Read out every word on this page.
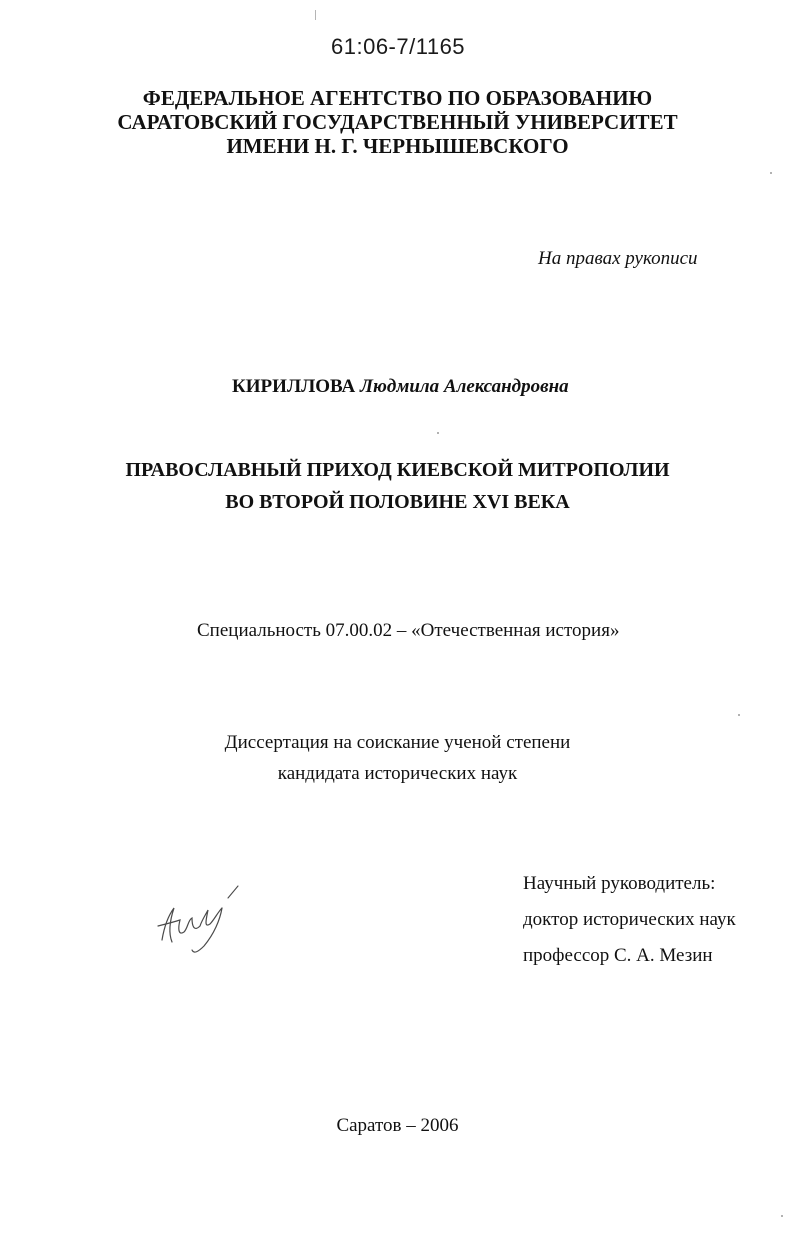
61:06-7/1165
ФЕДЕРАЛЬНОЕ АГЕНТСТВО ПО ОБРАЗОВАНИЮ
САРАТОВСКИЙ ГОСУДАРСТВЕННЫЙ УНИВЕРСИТЕТ
ИМЕНИ Н. Г. ЧЕРНЫШЕВСКОГО
На правах рукописи
КИРИЛЛОВА Людмила Александровна
ПРАВОСЛАВНЫЙ ПРИХОД КИЕВСКОЙ МИТРОПОЛИИ
ВО ВТОРОЙ ПОЛОВИНЕ XVI ВЕКА
Специальность 07.00.02 – «Отечественная история»
Диссертация на соискание ученой степени
кандидата исторических наук
Научный руководитель:
доктор исторических наук
профессор С. А. Мезин
Саратов – 2006
